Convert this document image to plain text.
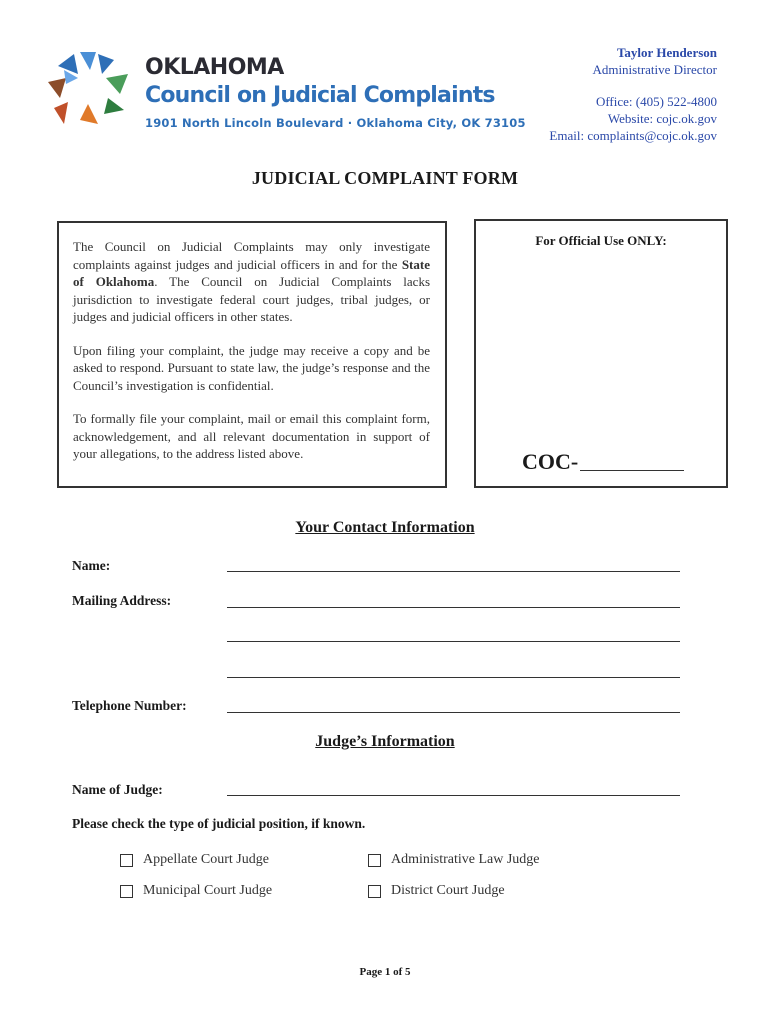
OKLAHOMA
Council on Judicial Complaints
1901 North Lincoln Boulevard · Oklahoma City, OK 73105
Taylor Henderson
Administrative Director
Office: (405) 522-4800
Website: cojc.ok.gov
Email: complaints@cojc.ok.gov
JUDICIAL COMPLAINT FORM

The Council on Judicial Complaints may only investigate complaints against judges and judicial officers in and for the State of Oklahoma. The Council on Judicial Complaints lacks jurisdiction to investigate federal court judges, tribal judges, or judges and judicial officers in other states.

Upon filing your complaint, the judge may receive a copy and be asked to respond. Pursuant to state law, the judge’s response and the Council’s investigation is confidential.

To formally file your complaint, mail or email this complaint form, acknowledgement, and all relevant documentation in support of your allegations, to the address listed above.

For Official Use ONLY:
COC-
Your Contact Information
Name:
Mailing Address:
Telephone Number:
Judge’s Information
Name of Judge:
Please check the type of judicial position, if known.
Appellate Court Judge	Administrative Law Judge
Municipal Court Judge	District Court Judge
Page 1 of 5
